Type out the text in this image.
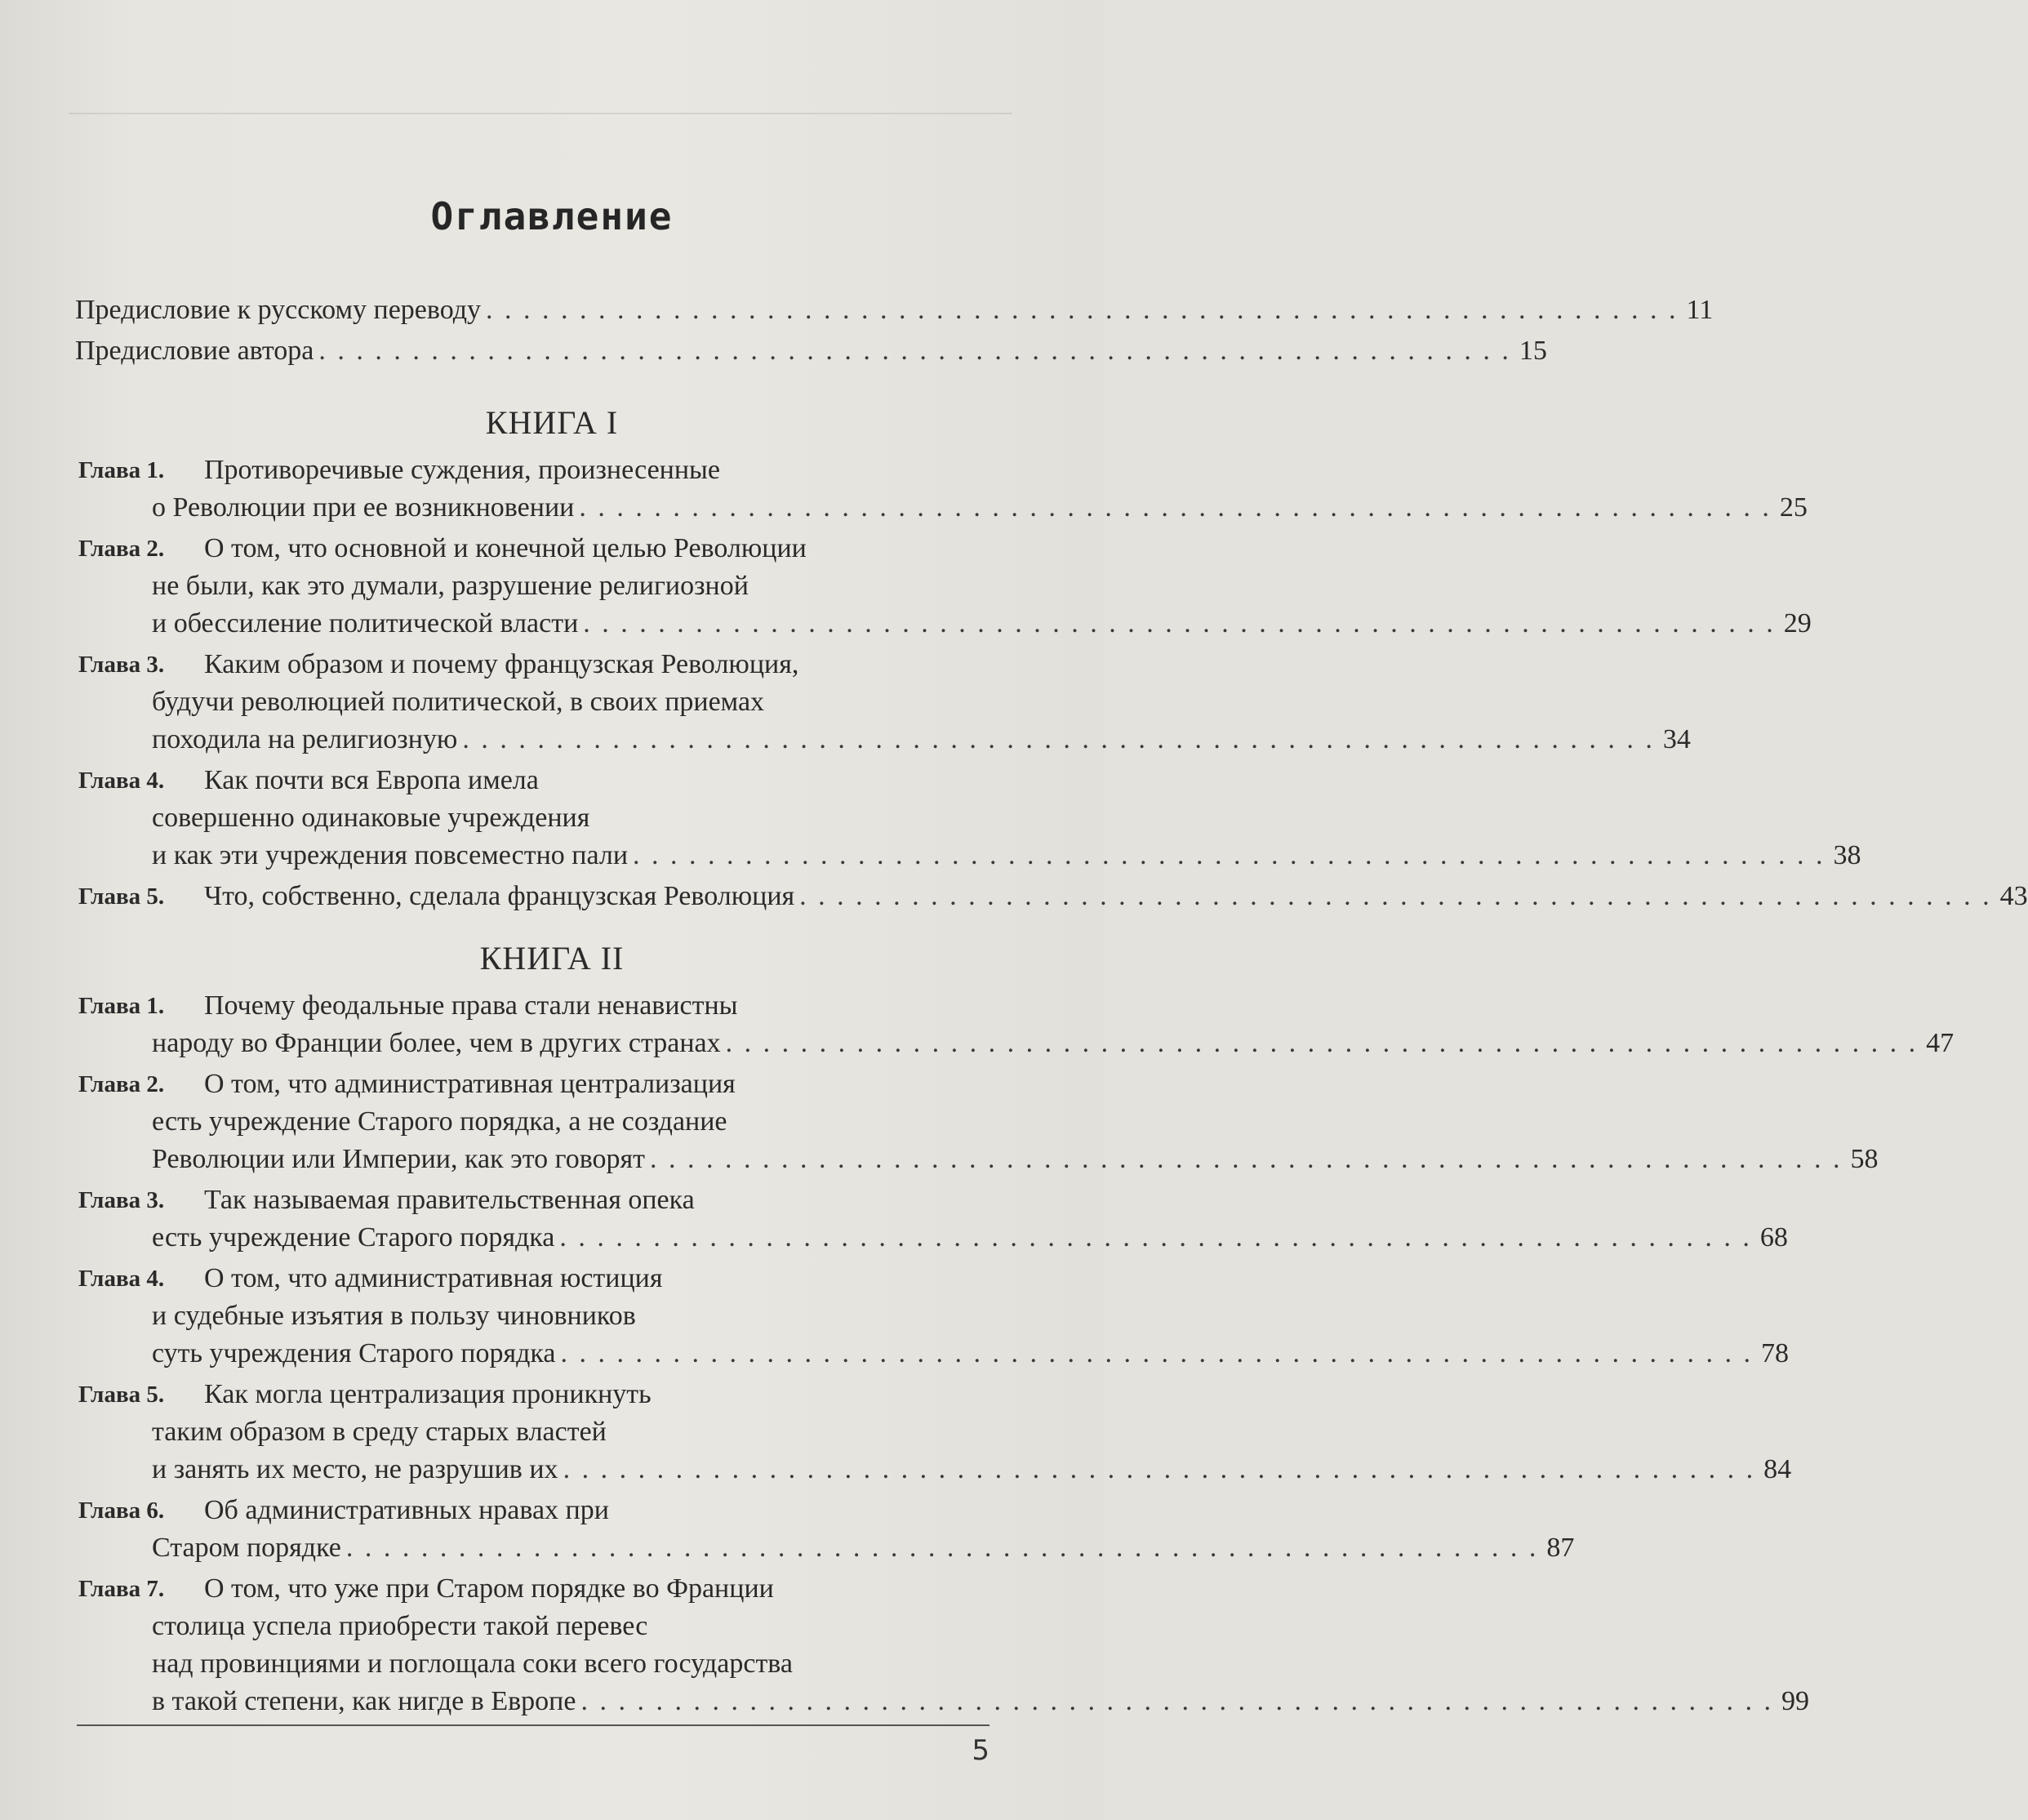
Оглавление
Предисловие к русскому переводу . . . . . . . . . . . . . . . . . . . . . . . . . . . . . . . . . . . . . . . . . . . . . . . . . . . . . . . . . . . . . . . . 11
Предисловие автора . . . . . . . . . . . . . . . . . . . . . . . . . . . . . . . . . . . . . . . . . . . . . . . . . . . . . . . . . . . . . . . . 15
КНИГА I
Глава 1. Противоречивые суждения, произнесенные
о Революции при ее возникновении . . . . . . . . . . . . . . . . . . . . . . . . . . . . . . . . . . . . . . . . . . . . . . . . . . . . . . . . . . . . . . . . 25
Глава 2. О том, что основной и конечной целью Революции
не были, как это думали, разрушение религиозной
и обессиление политической власти . . . . . . . . . . . . . . . . . . . . . . . . . . . . . . . . . . . . . . . . . . . . . . . . . . . . . . . . . . . . . . . . 29
Глава 3. Каким образом и почему французская Революция,
будучи революцией политической, в своих приемах
походила на религиозную . . . . . . . . . . . . . . . . . . . . . . . . . . . . . . . . . . . . . . . . . . . . . . . . . . . . . . . . . . . . . . . . 34
Глава 4. Как почти вся Европа имела
совершенно одинаковые учреждения
и как эти учреждения повсеместно пали . . . . . . . . . . . . . . . . . . . . . . . . . . . . . . . . . . . . . . . . . . . . . . . . . . . . . . . . . . . . . . . . 38
Глава 5. Что, собственно, сделала французская Революция . . . . . . . . . . . . . . . . . . . . . . . . . . . . . . . . . . . . . . . . . . . . . . . . . . . . . . . . . . . . . . . . 43
КНИГА II
Глава 1. Почему феодальные права стали ненавистны
народу во Франции более, чем в других странах . . . . . . . . . . . . . . . . . . . . . . . . . . . . . . . . . . . . . . . . . . . . . . . . . . . . . . . . . . . . . . . . 47
Глава 2. О том, что административная централизация
есть учреждение Старого порядка, а не создание
Революции или Империи, как это говорят . . . . . . . . . . . . . . . . . . . . . . . . . . . . . . . . . . . . . . . . . . . . . . . . . . . . . . . . . . . . . . . . 58
Глава 3. Так называемая правительственная опека
есть учреждение Старого порядка . . . . . . . . . . . . . . . . . . . . . . . . . . . . . . . . . . . . . . . . . . . . . . . . . . . . . . . . . . . . . . . . 68
Глава 4. О том, что административная юстиция
и судебные изъятия в пользу чиновников
суть учреждения Старого порядка . . . . . . . . . . . . . . . . . . . . . . . . . . . . . . . . . . . . . . . . . . . . . . . . . . . . . . . . . . . . . . . . 78
Глава 5. Как могла централизация проникнуть
таким образом в среду старых властей
и занять их место, не разрушив их . . . . . . . . . . . . . . . . . . . . . . . . . . . . . . . . . . . . . . . . . . . . . . . . . . . . . . . . . . . . . . . . 84
Глава 6. Об административных нравах при
Старом порядке . . . . . . . . . . . . . . . . . . . . . . . . . . . . . . . . . . . . . . . . . . . . . . . . . . . . . . . . . . . . . . . . 87
Глава 7. О том, что уже при Старом порядке во Франции
столица успела приобрести такой перевес
над провинциями и поглощала соки всего государства
в такой степени, как нигде в Европе . . . . . . . . . . . . . . . . . . . . . . . . . . . . . . . . . . . . . . . . . . . . . . . . . . . . . . . . . . . . . . . . 99
5
